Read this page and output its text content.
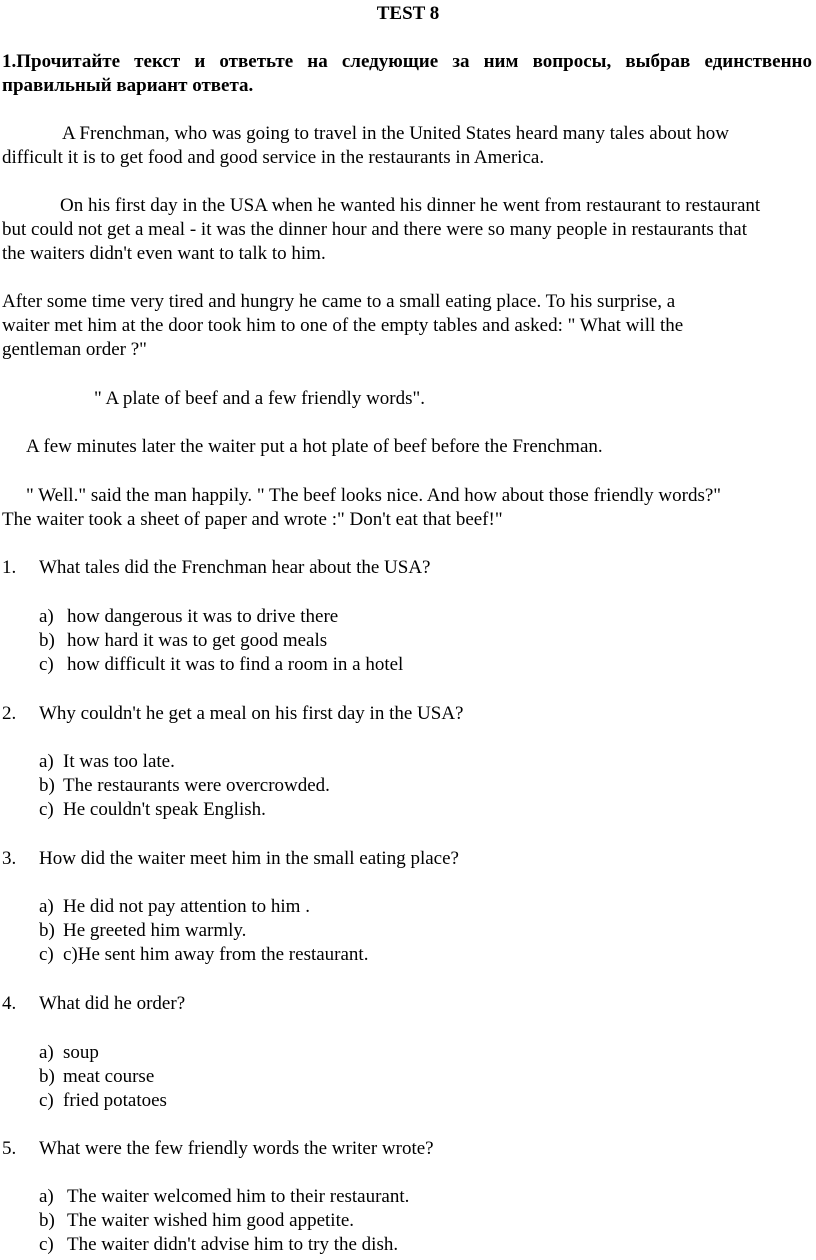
TEST 8
1.Прочитайте текст и ответьте на следующие за ним вопросы, выбрав единственно правильный вариант ответа.
A Frenchman, who was going to travel in the United States heard many tales about how
difficult it is to get food and good service in the restaurants in America.
On his first day in the USA when he wanted his dinner he went from restaurant to restaurant
but could not get a meal - it was the dinner hour and there were so many people in restaurants that
the waiters didn't even want to talk to him.
After some time very tired and hungry he came to a small eating place. To his surprise, a
waiter met him at the door took him to one of the empty tables and asked: " What will the
gentleman order ?"
" A plate of beef and a few friendly words".
A few minutes later the waiter put a hot plate of beef before the Frenchman.
" Well." said the man happily. " The beef looks nice. And how about those friendly words?"
The waiter took a sheet of paper and wrote :" Don't eat that beef!"
1. What tales did the Frenchman hear about the USA?
a) how dangerous it was to drive there
b) how hard it was to get good meals
c) how difficult it was to find a room in a hotel
2. Why couldn't he get a meal on his first day in the USA?
a) It was too late.
b) The restaurants were overcrowded.
c) He couldn't speak English.
3. How did the waiter meet him in the small eating place?
a) He did not pay attention to him .
b) He greeted him warmly.
c) c)He sent him away from the restaurant.
4. What did he order?
a) soup
b) meat course
c) fried potatoes
5. What were the few friendly words the writer wrote?
a) The waiter welcomed him to their restaurant.
b) The waiter wished him good appetite.
c) The waiter didn't advise him to try the dish.
